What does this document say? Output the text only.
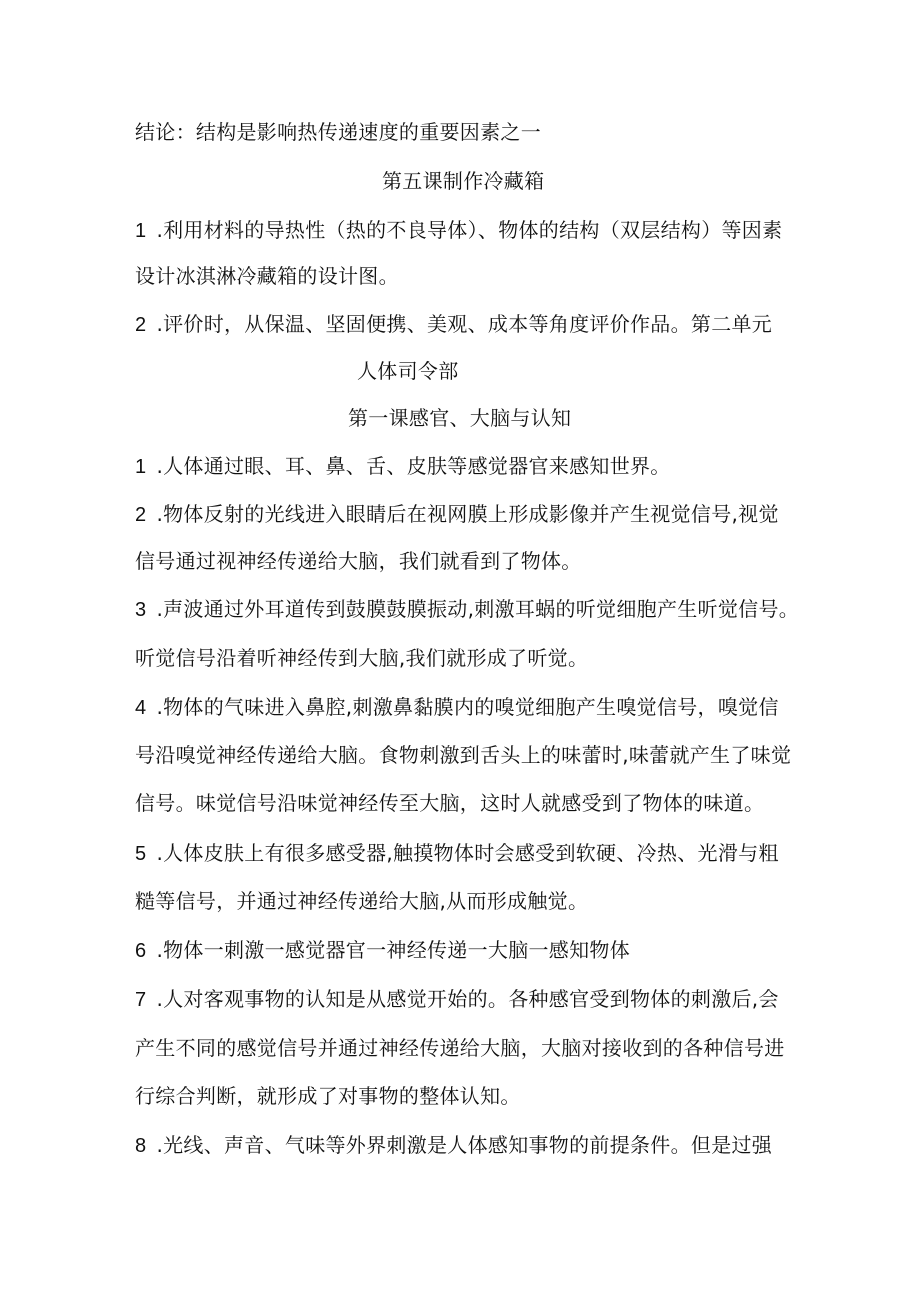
结论：结构是影响热传递速度的重要因素之一
第五课制作冷藏箱
1 .利用材料的导热性（热的不良导体）、物体的结构（双层结构）等因素
设计冰淇淋冷藏箱的设计图。
2 .评价时，从保温、坚固便携、美观、成本等角度评价作品。第二单元
人体司令部
第一课感官、大脑与认知
1 .人体通过眼、耳、鼻、舌、皮肤等感觉器官来感知世界。
2 .物体反射的光线进入眼睛后在视网膜上形成影像并产生视觉信号,视觉
信号通过视神经传递给大脑，我们就看到了物体。
3 .声波通过外耳道传到鼓膜鼓膜振动,刺激耳蜗的听觉细胞产生听觉信号。
听觉信号沿着听神经传到大脑,我们就形成了听觉。
4 .物体的气味进入鼻腔,刺激鼻黏膜内的嗅觉细胞产生嗅觉信号，嗅觉信
号沿嗅觉神经传递给大脑。食物刺激到舌头上的味蕾时,味蕾就产生了味觉
信号。味觉信号沿味觉神经传至大脑，这时人就感受到了物体的味道。
5 .人体皮肤上有很多感受器,触摸物体时会感受到软硬、冷热、光滑与粗
糙等信号，并通过神经传递给大脑,从而形成触觉。
6 .物体一刺激一感觉器官一神经传递一大脑一感知物体
7 .人对客观事物的认知是从感觉开始的。各种感官受到物体的刺激后,会
产生不同的感觉信号并通过神经传递给大脑，大脑对接收到的各种信号进
行综合判断，就形成了对事物的整体认知。
8 .光线、声音、气味等外界刺激是人体感知事物的前提条件。但是过强
